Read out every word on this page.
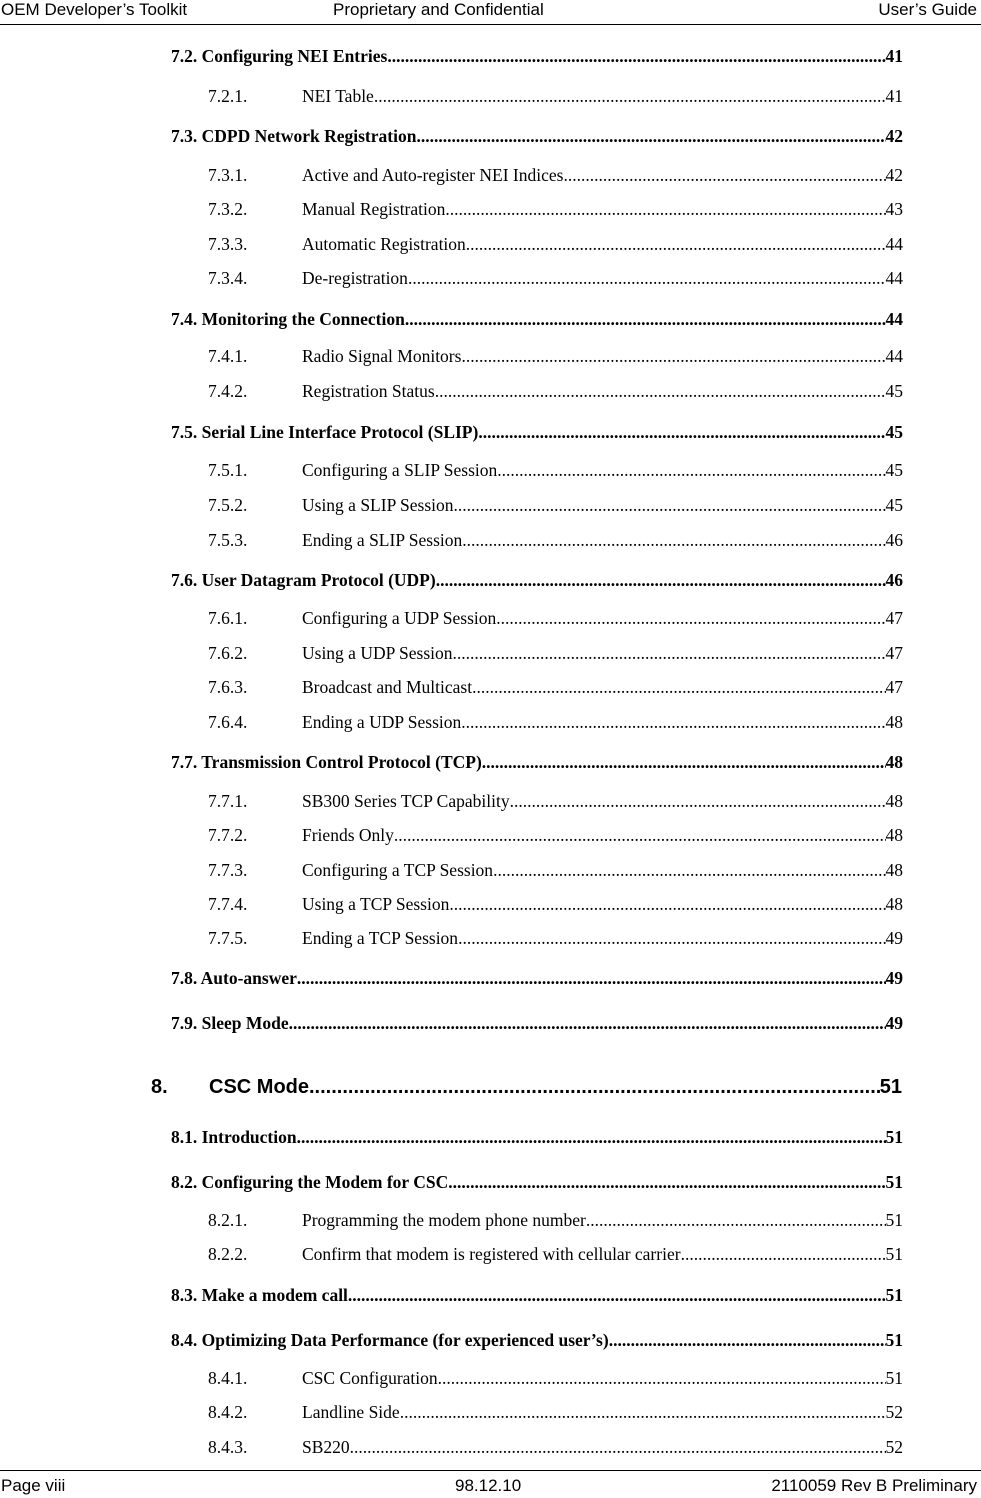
OEM Developer’s Toolkit	Proprietary and Confidential	User’s Guide
7.2. Configuring NEI Entries .....	41
7.2.1.	NEI Table .....	41
7.3. CDPD Network Registration .....	42
7.3.1.	Active and Auto-register NEI Indices .....	42
7.3.2.	Manual Registration .....	43
7.3.3.	Automatic Registration .....	44
7.3.4.	De-registration .....	44
7.4. Monitoring the Connection .....	44
7.4.1.	Radio Signal Monitors .....	44
7.4.2.	Registration Status .....	45
7.5. Serial Line Interface Protocol (SLIP) .....	45
7.5.1.	Configuring a SLIP Session .....	45
7.5.2.	Using a SLIP Session .....	45
7.5.3.	Ending a SLIP Session .....	46
7.6. User Datagram Protocol (UDP) .....	46
7.6.1.	Configuring a UDP Session .....	47
7.6.2.	Using a UDP Session .....	47
7.6.3.	Broadcast and Multicast .....	47
7.6.4.	Ending a UDP Session .....	48
7.7. Transmission Control Protocol (TCP) .....	48
7.7.1.	SB300 Series TCP Capability .....	48
7.7.2.	Friends Only .....	48
7.7.3.	Configuring a TCP Session .....	48
7.7.4.	Using a TCP Session .....	48
7.7.5.	Ending a TCP Session .....	49
7.8. Auto-answer .....	49
7.9. Sleep Mode .....	49
8.	CSC Mode .....	51
8.1. Introduction .....	51
8.2. Configuring the Modem for CSC .....	51
8.2.1.	Programming the modem phone number .....	51
8.2.2.	Confirm that modem is registered with cellular carrier .....	51
8.3. Make a modem call .....	51
8.4. Optimizing Data Performance (for experienced user’s) .....	51
8.4.1.	CSC Configuration .....	51
8.4.2.	Landline Side .....	52
8.4.3.	SB220 .....	52
Page viii	98.12.10	2110059 Rev B Preliminary
